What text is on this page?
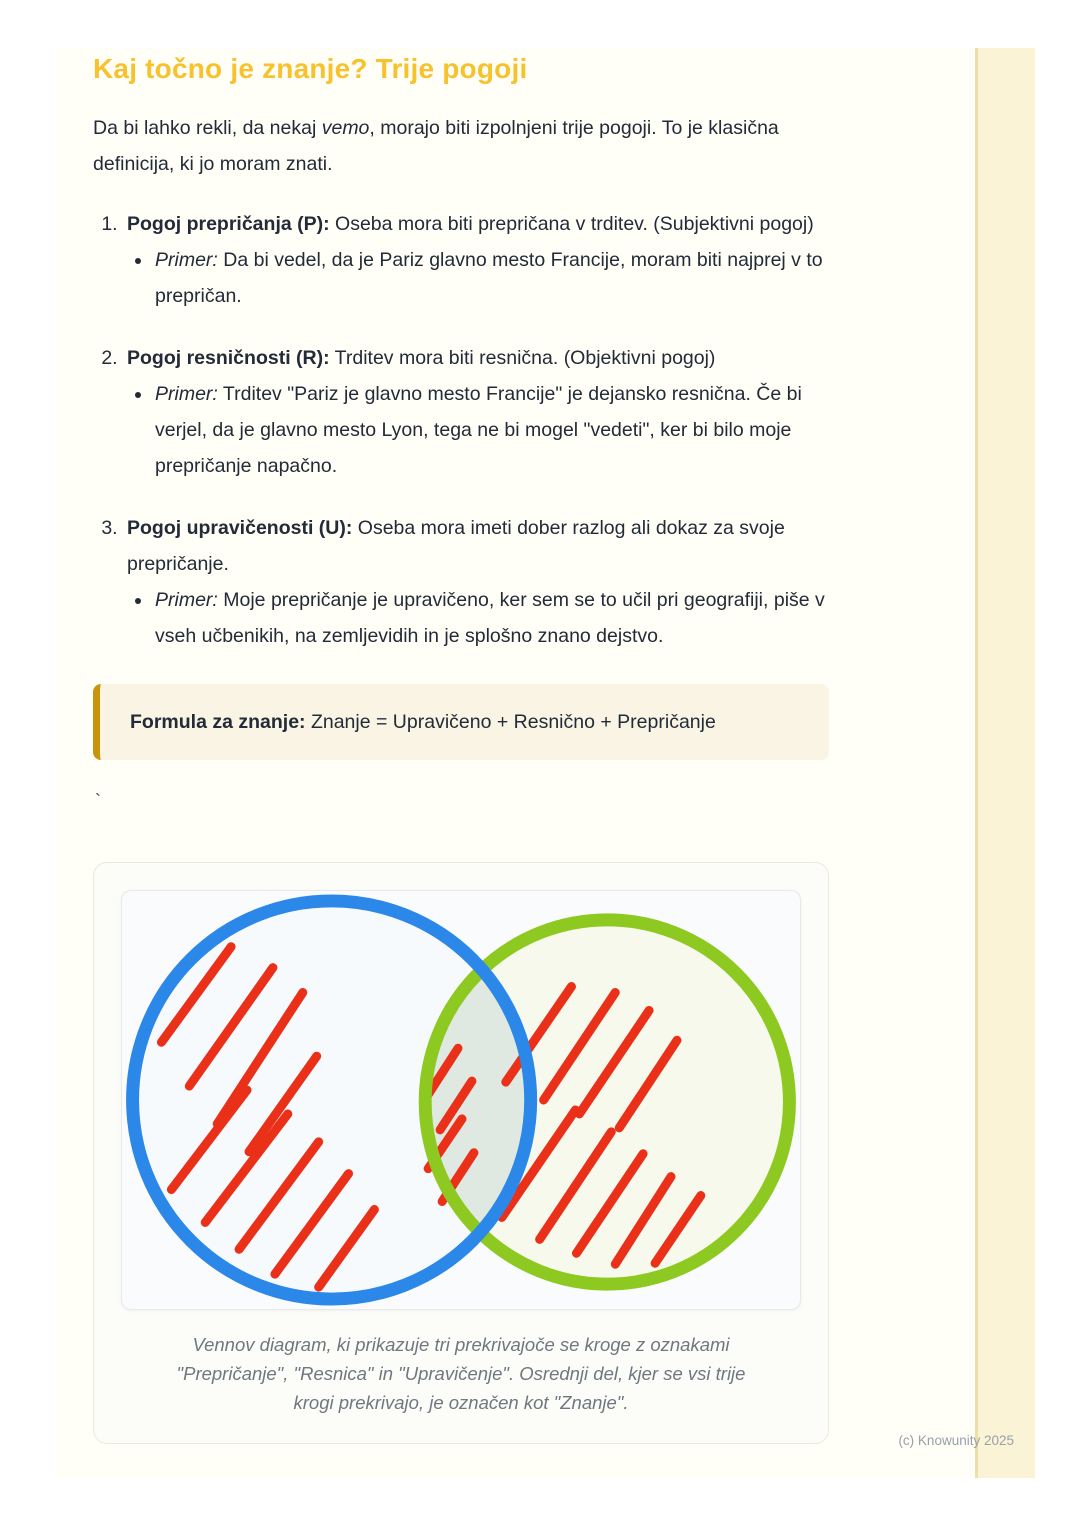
Kaj točno je znanje? Trije pogoji

Da bi lahko rekli, da nekaj vemo, morajo biti izpolnjeni trije pogoji. To je klasična definicija, ki jo moram znati.

1. Pogoj prepričanja (P): Oseba mora biti prepričana v trditev. (Subjektivni pogoj)
• Primer: Da bi vedel, da je Pariz glavno mesto Francije, moram biti najprej v to prepričan.
2. Pogoj resničnosti (R): Trditev mora biti resnična. (Objektivni pogoj)
• Primer: Trditev "Pariz je glavno mesto Francije" je dejansko resnična. Če bi verjel, da je glavno mesto Lyon, tega ne bi mogel "vedeti", ker bi bilo moje prepričanje napačno.
3. Pogoj upravičenosti (U): Oseba mora imeti dober razlog ali dokaz za svoje prepričanje.
• Primer: Moje prepričanje je upravičeno, ker sem se to učil pri geografiji, piše v vseh učbenikih, na zemljevidih in je splošno znano dejstvo.
Formula za znanje: Znanje = Upravičeno + Resnično + Prepričanje

`

Vennov diagram, ki prikazuje tri prekrivajoče se kroge z oznakami "Prepričanje", "Resnica" in "Upravičenje". Osrednji del, kjer se vsi trije krogi prekrivajo, je označen kot "Znanje".
(c) Knowunity 2025
